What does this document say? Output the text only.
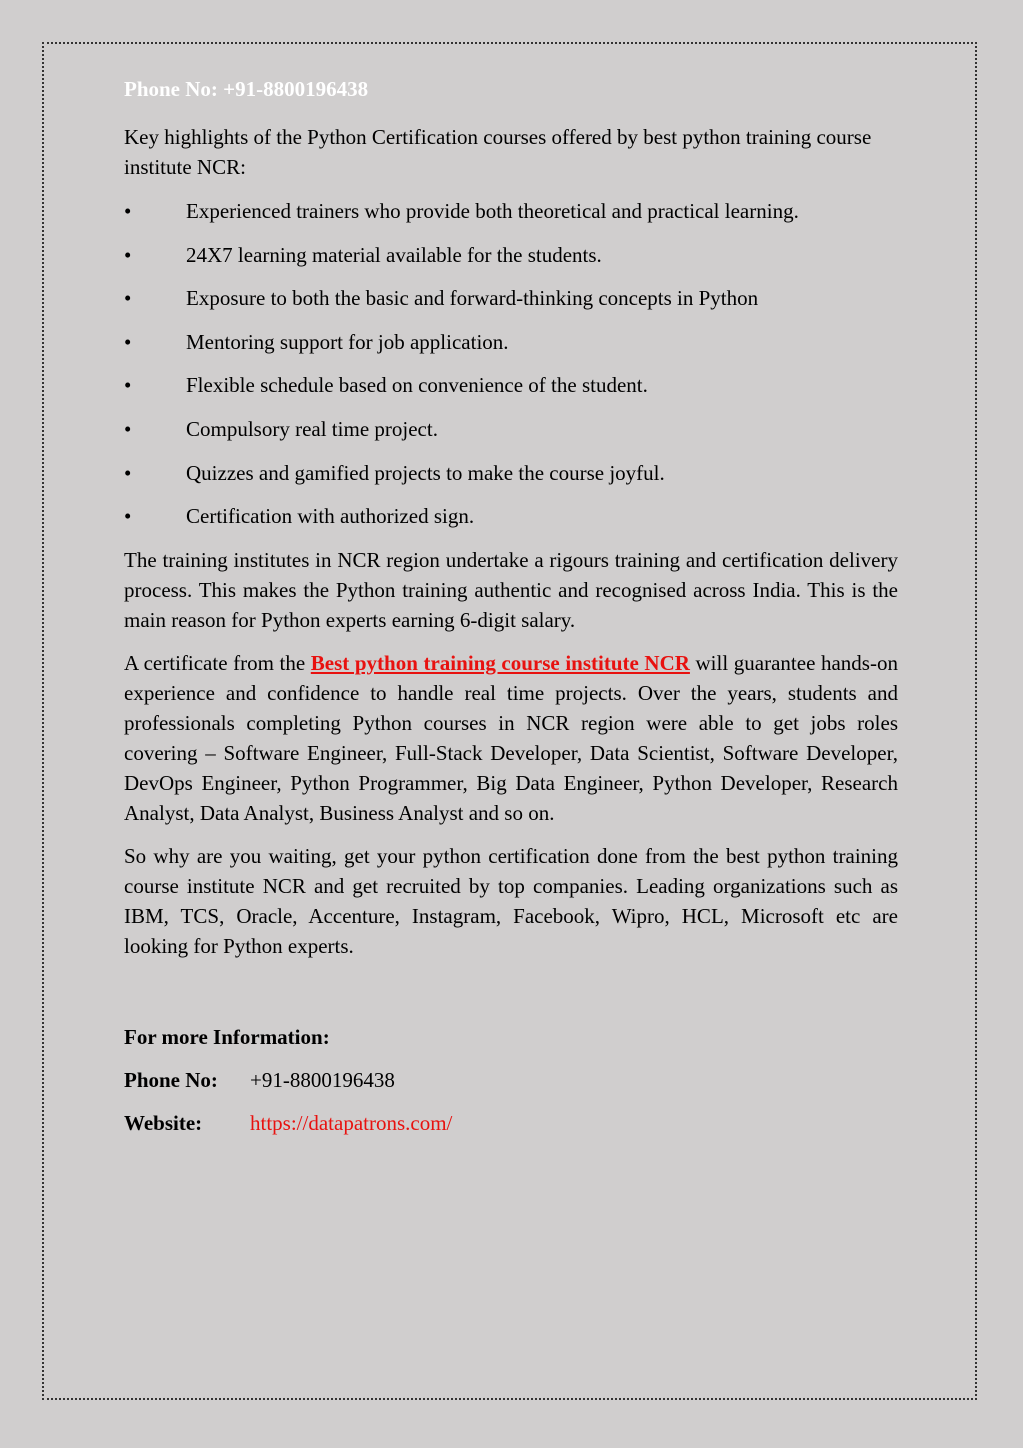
Phone No: +91-8800196438

Key highlights of the Python Certification courses offered by best python training course institute NCR:

•	Experienced trainers who provide both theoretical and practical learning.
•	24X7 learning material available for the students.
•	Exposure to both the basic and forward-thinking concepts in Python
•	Mentoring support for job application.
•	Flexible schedule based on convenience of the student.
•	Compulsory real time project.
•	Quizzes and gamified projects to make the course joyful.
•	Certification with authorized sign.

The training institutes in NCR region undertake a rigours training and certification delivery process. This makes the Python training authentic and recognised across India. This is the main reason for Python experts earning 6-digit salary.

A certificate from the Best python training course institute NCR will guarantee hands-on experience and confidence to handle real time projects. Over the years, students and professionals completing Python courses in NCR region were able to get jobs roles covering – Software Engineer, Full-Stack Developer, Data Scientist, Software Developer, DevOps Engineer, Python Programmer, Big Data Engineer, Python Developer, Research Analyst, Data Analyst, Business Analyst and so on.

So why are you waiting, get your python certification done from the best python training course institute NCR and get recruited by top companies. Leading organizations such as IBM, TCS, Oracle, Accenture, Instagram, Facebook, Wipro, HCL, Microsoft etc are looking for Python experts.

For more Information:
Phone No:	+91-8800196438
Website:	https://datapatrons.com/
